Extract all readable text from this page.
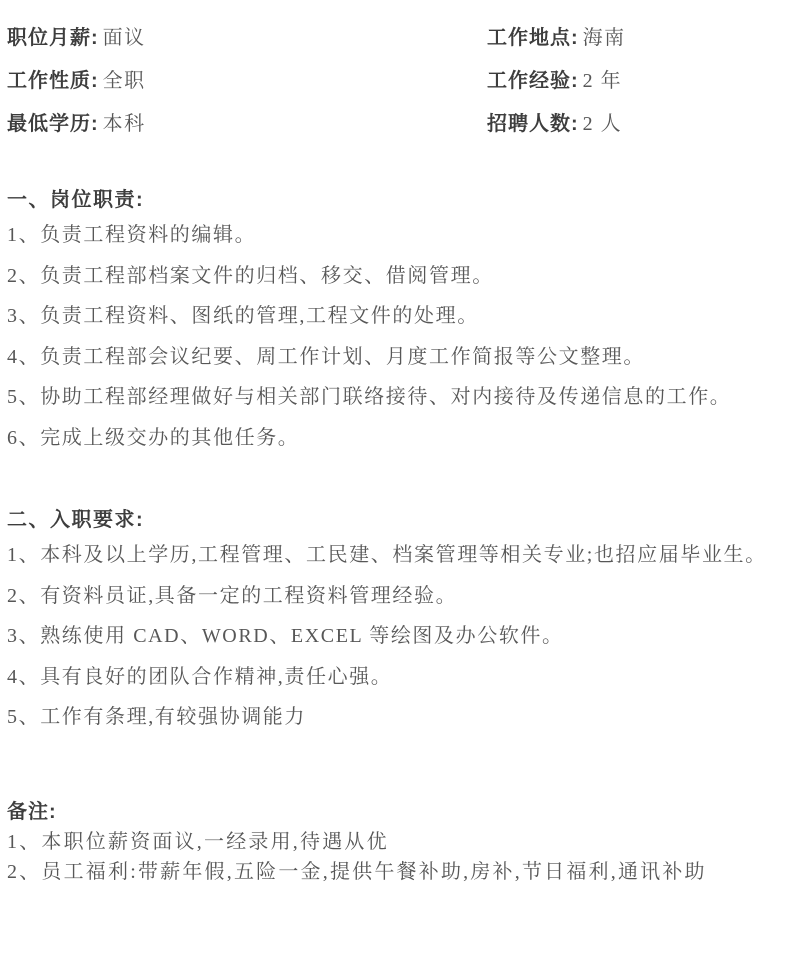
职位月薪: 面议	工作地点: 海南
工作性质: 全职	工作经验: 2 年
最低学历: 本科	招聘人数: 2 人
一、岗位职责:
1、负责工程资料的编辑。
2、负责工程部档案文件的归档、移交、借阅管理。
3、负责工程资料、图纸的管理,工程文件的处理。
4、负责工程部会议纪要、周工作计划、月度工作简报等公文整理。
5、协助工程部经理做好与相关部门联络接待、对内接待及传递信息的工作。
6、完成上级交办的其他任务。
二、入职要求:
1、本科及以上学历,工程管理、工民建、档案管理等相关专业;也招应届毕业生。
2、有资料员证,具备一定的工程资料管理经验。
3、熟练使用 CAD、WORD、EXCEL 等绘图及办公软件。
4、具有良好的团队合作精神,责任心强。
5、工作有条理,有较强协调能力
备注:
1、本职位薪资面议,一经录用,待遇从优
2、员工福利:带薪年假,五险一金,提供午餐补助,房补,节日福利,通讯补助
